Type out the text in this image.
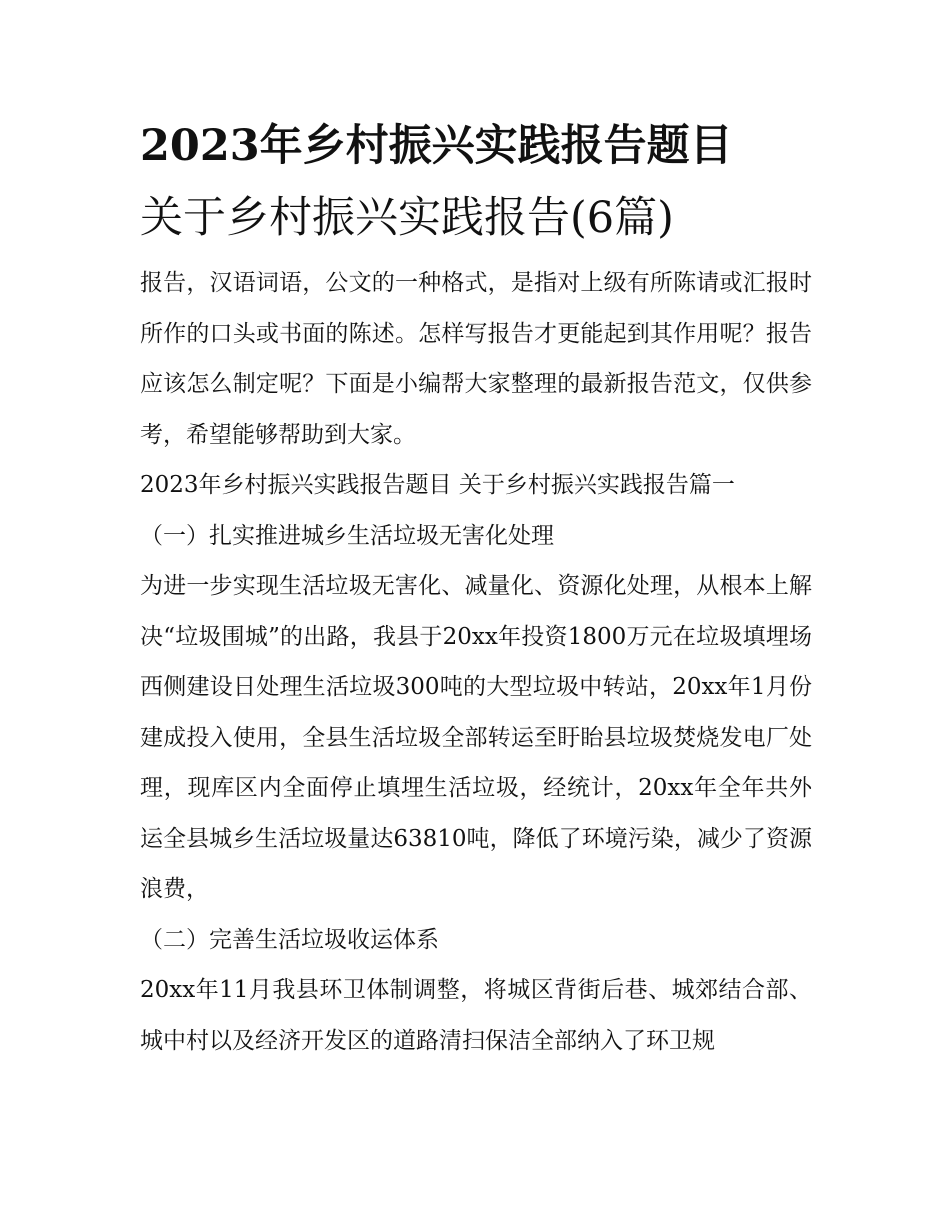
2023年乡村振兴实践报告题目
关于乡村振兴实践报告(6篇)

报告，汉语词语，公文的一种格式，是指对上级有所陈请或汇报时所作的口头或书面的陈述。怎样写报告才更能起到其作用呢？报告应该怎么制定呢？下面是小编帮大家整理的最新报告范文，仅供参考，希望能够帮助到大家。

2023年乡村振兴实践报告题目 关于乡村振兴实践报告篇一

（一）扎实推进城乡生活垃圾无害化处理

为进一步实现生活垃圾无害化、减量化、资源化处理，从根本上解决“垃圾围城”的出路，我县于20xx年投资1800万元在垃圾填埋场西侧建设日处理生活垃圾300吨的大型垃圾中转站，20xx年1月份建成投入使用，全县生活垃圾全部转运至盱眙县垃圾焚烧发电厂处理，现库区内全面停止填埋生活垃圾，经统计，20xx年全年共外运全县城乡生活垃圾量达63810吨，降低了环境污染，减少了资源浪费，

（二）完善生活垃圾收运体系

20xx年11月我县环卫体制调整，将城区背街后巷、城郊结合部、城中村以及经济开发区的道路清扫保洁全部纳入了环卫规
